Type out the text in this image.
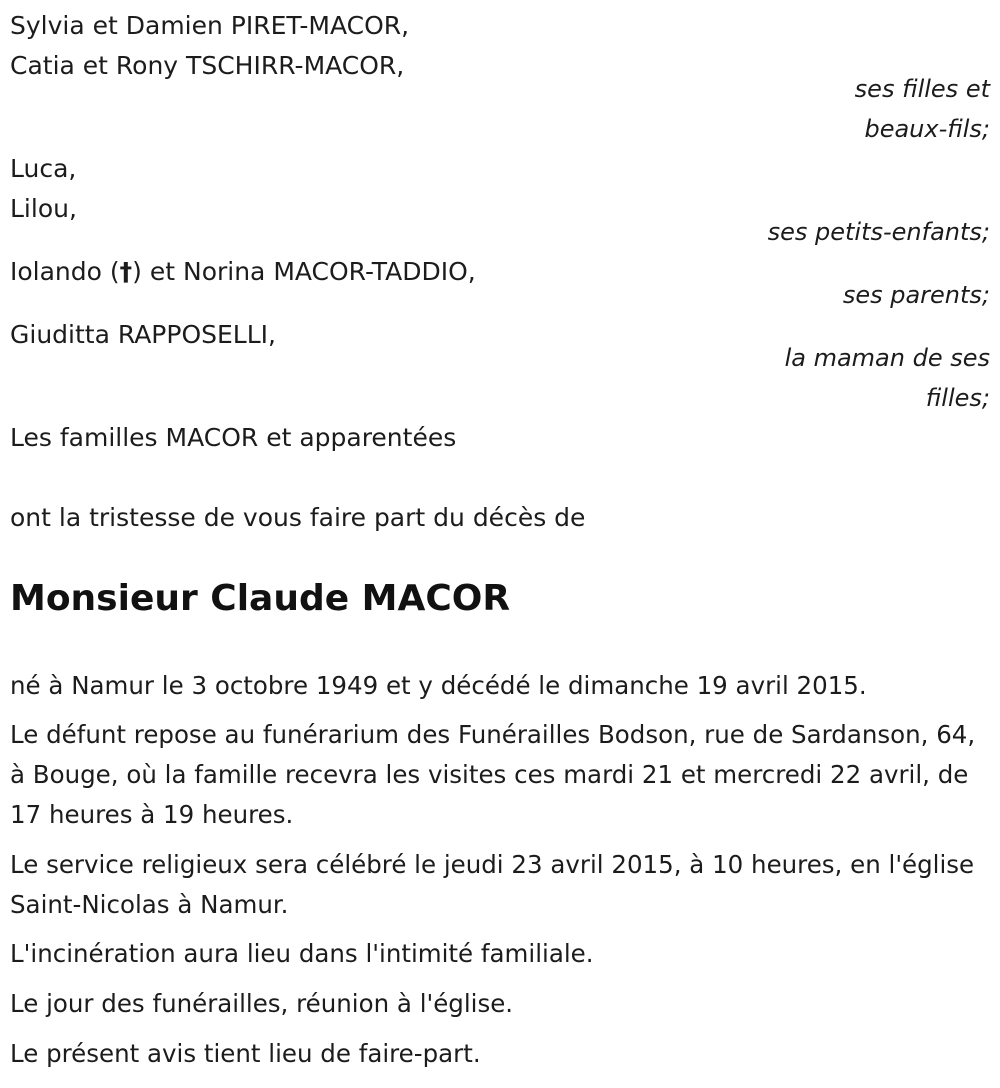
Sylvia et Damien PIRET-MACOR,
Catia et Rony TSCHIRR-MACOR,
ses filles et
beaux-fils;
Luca,
Lilou,
ses petits-enfants;
Iolando (†) et Norina MACOR-TADDIO,
ses parents;
Giuditta RAPPOSELLI,
la maman de ses
filles;
Les familles MACOR et apparentées
ont la tristesse de vous faire part du décès de
Monsieur Claude MACOR
né à Namur le 3 octobre 1949 et y décédé le dimanche 19 avril 2015.
Le défunt repose au funérarium des Funérailles Bodson, rue de Sardanson, 64, à Bouge, où la famille recevra les visites ces mardi 21 et mercredi 22 avril, de 17 heures à 19 heures.
Le service religieux sera célébré le jeudi 23 avril 2015, à 10 heures, en l'église Saint-Nicolas à Namur.
L'incinération aura lieu dans l'intimité familiale.
Le jour des funérailles, réunion à l'église.
Le présent avis tient lieu de faire-part.
